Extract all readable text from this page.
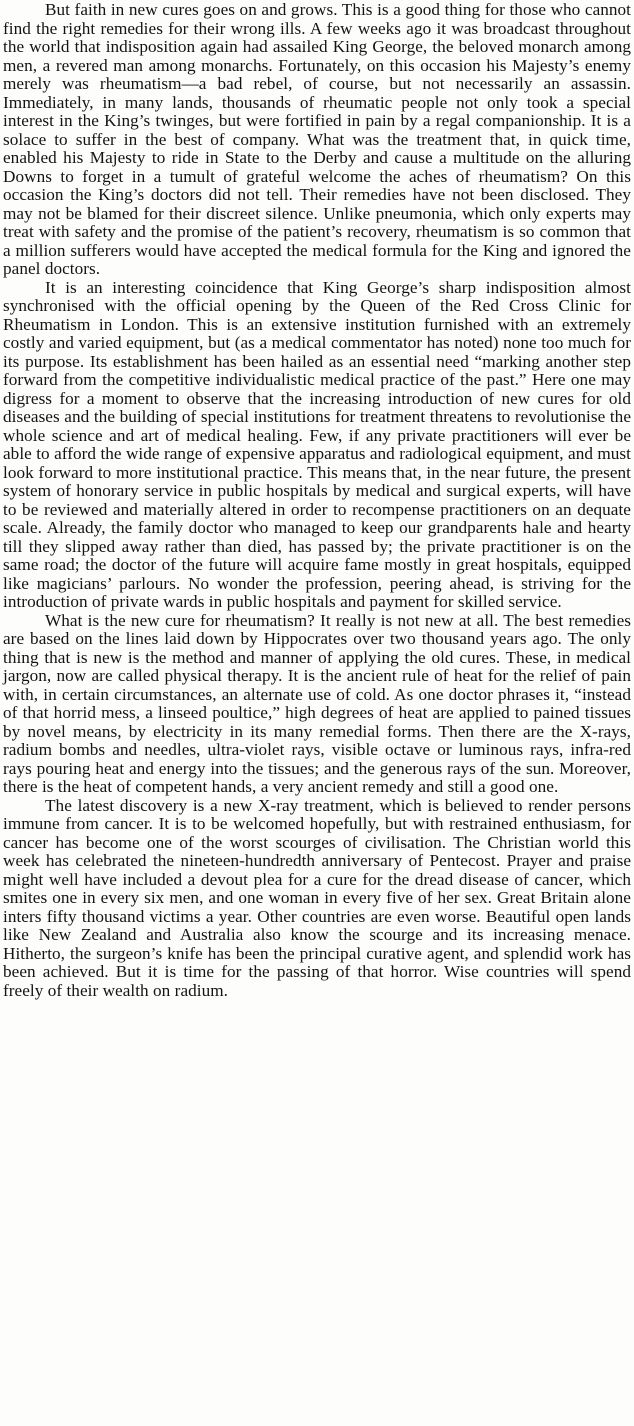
But faith in new cures goes on and grows. This is a good thing for those who cannot find the right remedies for their wrong ills. A few weeks ago it was broadcast throughout the world that indisposition again had assailed King George, the beloved monarch among men, a revered man among monarchs. Fortunately, on this occasion his Majesty’s enemy merely was rheumatism—a bad rebel, of course, but not necessarily an assassin. Immediately, in many lands, thousands of rheumatic people not only took a special interest in the King’s twinges, but were fortified in pain by a regal companionship. It is a solace to suffer in the best of company. What was the treatment that, in quick time, enabled his Majesty to ride in State to the Derby and cause a multitude on the alluring Downs to forget in a tumult of grateful welcome the aches of rheumatism? On this occasion the King’s doctors did not tell. Their remedies have not been disclosed. They may not be blamed for their discreet silence. Unlike pneumonia, which only experts may treat with safety and the promise of the patient’s recovery, rheumatism is so common that a million sufferers would have accepted the medical formula for the King and ignored the panel doctors.

It is an interesting coincidence that King George’s sharp indisposition almost synchronised with the official opening by the Queen of the Red Cross Clinic for Rheumatism in London. This is an extensive institution furnished with an extremely costly and varied equipment, but (as a medical commentator has noted) none too much for its purpose. Its establishment has been hailed as an essential need “marking another step forward from the competitive individualistic medical practice of the past.” Here one may digress for a moment to observe that the increasing introduction of new cures for old diseases and the building of special institutions for treatment threatens to revolutionise the whole science and art of medical healing. Few, if any private practitioners will ever be able to afford the wide range of expensive apparatus and radiological equipment, and must look forward to more institutional practice. This means that, in the near future, the present system of honorary service in public hospitals by medical and surgical experts, will have to be reviewed and materially altered in order to recompense practitioners on an dequate scale. Already, the family doctor who managed to keep our grandparents hale and hearty till they slipped away rather than died, has passed by; the private practitioner is on the same road; the doctor of the future will acquire fame mostly in great hospitals, equipped like magicians’ parlours. No wonder the profession, peering ahead, is striving for the introduction of private wards in public hospitals and payment for skilled service.

What is the new cure for rheumatism? It really is not new at all. The best remedies are based on the lines laid down by Hippocrates over two thousand years ago. The only thing that is new is the method and manner of applying the old cures. These, in medical jargon, now are called physical therapy. It is the ancient rule of heat for the relief of pain with, in certain circumstances, an alternate use of cold. As one doctor phrases it, “instead of that horrid mess, a linseed poultice,” high degrees of heat are applied to pained tissues by novel means, by electricity in its many remedial forms. Then there are the X-rays, radium bombs and needles, ultra-violet rays, visible octave or luminous rays, infra-red rays pouring heat and energy into the tissues; and the generous rays of the sun. Moreover, there is the heat of competent hands, a very ancient remedy and still a good one.

The latest discovery is a new X-ray treatment, which is believed to render persons immune from cancer. It is to be welcomed hopefully, but with restrained enthusiasm, for cancer has become one of the worst scourges of civilisation. The Christian world this week has celebrated the nineteen-hundredth anniversary of Pentecost. Prayer and praise might well have included a devout plea for a cure for the dread disease of cancer, which smites one in every six men, and one woman in every five of her sex. Great Britain alone inters fifty thousand victims a year. Other countries are even worse. Beautiful open lands like New Zealand and Australia also know the scourge and its increasing menace. Hitherto, the surgeon’s knife has been the principal curative agent, and splendid work has been achieved. But it is time for the passing of that horror. Wise countries will spend freely of their wealth on radium.
